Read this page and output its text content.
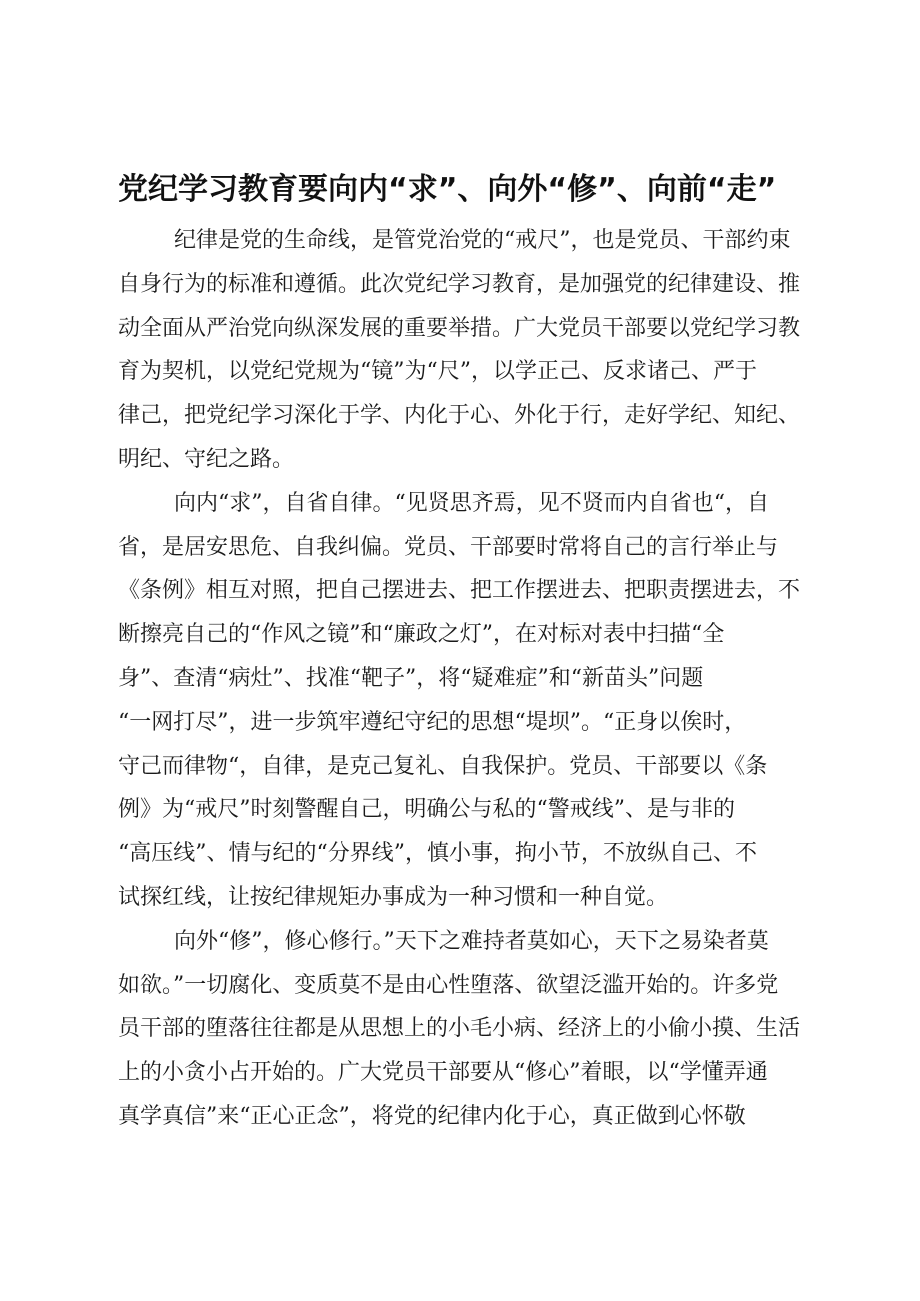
党纪学习教育要向内“求”、向外“修”、向前“走”
纪律是党的生命线，是管党治党的“戒尺”，也是党员、干部约束
自身行为的标准和遵循。此次党纪学习教育，是加强党的纪律建设、推
动全面从严治党向纵深发展的重要举措。广大党员干部要以党纪学习教
育为契机，以党纪党规为“镜”为“尺”，以学正己、反求诸己、严于
律己，把党纪学习深化于学、内化于心、外化于行，走好学纪、知纪、
明纪、守纪之路。
向内“求”，自省自律。“见贤思齐焉，见不贤而内自省也“，自
省，是居安思危、自我纠偏。党员、干部要时常将自己的言行举止与
《条例》相互对照，把自己摆进去、把工作摆进去、把职责摆进去，不
断擦亮自己的“作风之镜”和“廉政之灯”，在对标对表中扫描“全
身”、查清“病灶”、找准“靶子”，将“疑难症”和“新苗头”问题
“一网打尽”，进一步筑牢遵纪守纪的思想“堤坝”。“正身以俟时，
守己而律物“，自律，是克己复礼、自我保护。党员、干部要以《条
例》为“戒尺”时刻警醒自己，明确公与私的“警戒线”、是与非的
“高压线”、情与纪的“分界线”，慎小事，拘小节，不放纵自己、不
试探红线，让按纪律规矩办事成为一种习惯和一种自觉。
向外“修”，修心修行。”天下之难持者莫如心，天下之易染者莫
如欲。”一切腐化、变质莫不是由心性堕落、欲望泛滥开始的。许多党
员干部的堕落往往都是从思想上的小毛小病、经济上的小偷小摸、生活
上的小贪小占开始的。广大党员干部要从“修心”着眼，以“学懂弄通
真学真信”来“正心正念”，将党的纪律内化于心，真正做到心怀敬
